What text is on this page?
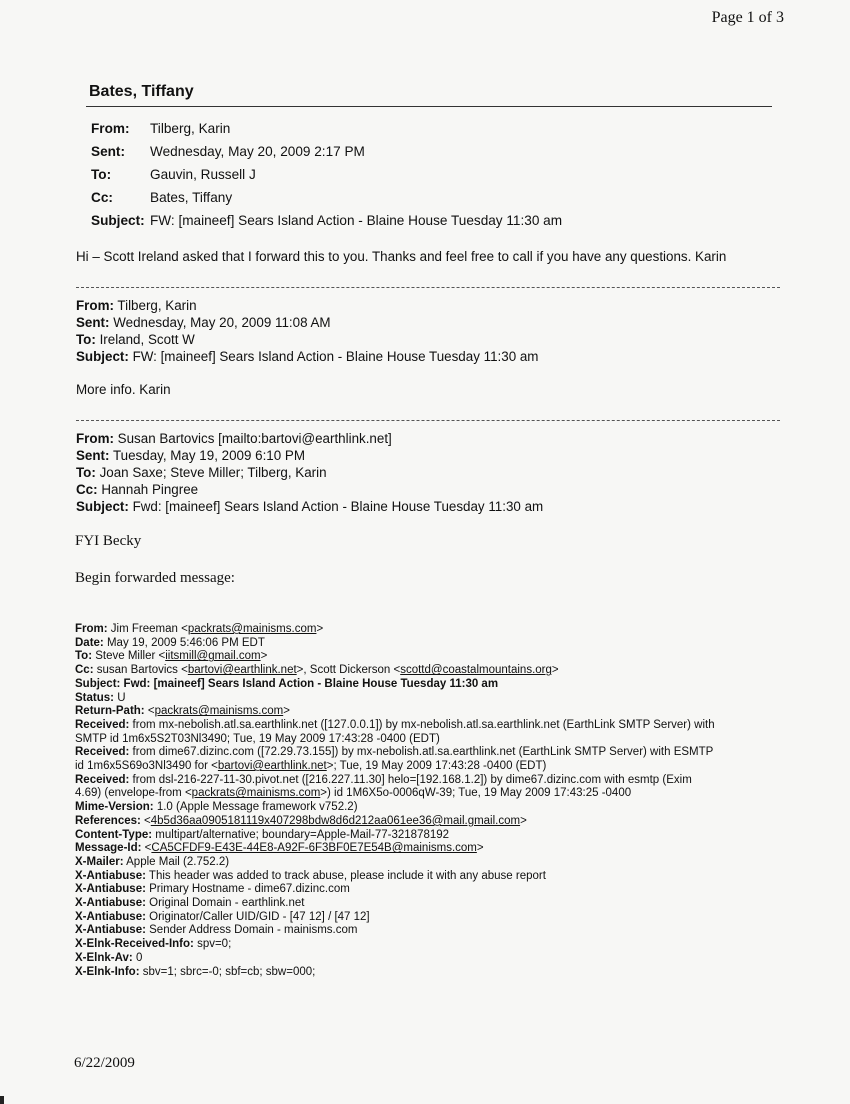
Page 1 of 3
Bates, Tiffany
From:	Tilberg, Karin
Sent:	Wednesday, May 20, 2009 2:17 PM
To:	Gauvin, Russell J
Cc:	Bates, Tiffany
Subject:	FW: [maineef] Sears Island Action - Blaine House Tuesday 11:30 am
Hi – Scott Ireland asked that I forward this to you. Thanks and feel free to call if you have any questions. Karin
From: Tilberg, Karin
Sent: Wednesday, May 20, 2009 11:08 AM
To: Ireland, Scott W
Subject: FW: [maineef] Sears Island Action - Blaine House Tuesday 11:30 am
More info. Karin
From: Susan Bartovics [mailto:bartovi@earthlink.net]
Sent: Tuesday, May 19, 2009 6:10 PM
To: Joan Saxe; Steve Miller; Tilberg, Karin
Cc: Hannah Pingree
Subject: Fwd: [maineef] Sears Island Action - Blaine House Tuesday 11:30 am
FYI Becky
Begin forwarded message:
From: Jim Freeman <packrats@mainisms.com>
Date: May 19, 2009 5:46:06 PM EDT
To: Steve Miller <iitsmill@gmail.com>
Cc: susan Bartovics <bartovi@earthlink.net>, Scott Dickerson <scottd@coastalmountains.org>
Subject: Fwd: [maineef] Sears Island Action - Blaine House Tuesday 11:30 am
Status: U
Return-Path: <packrats@mainisms.com>
Received: from mx-nebolish.atl.sa.earthlink.net ([127.0.0.1]) by mx-nebolish.atl.sa.earthlink.net (EarthLink SMTP Server) with
SMTP id 1m6x5S2T03Nl3490; Tue, 19 May 2009 17:43:28 -0400 (EDT)
Received: from dime67.dizinc.com ([72.29.73.155]) by mx-nebolish.atl.sa.earthlink.net (EarthLink SMTP Server) with ESMTP
id 1m6x5S69o3Nl3490 for <bartovi@earthlink.net>; Tue, 19 May 2009 17:43:28 -0400 (EDT)
Received: from dsl-216-227-11-30.pivot.net ([216.227.11.30] helo=[192.168.1.2]) by dime67.dizinc.com with esmtp (Exim
4.69) (envelope-from <packrats@mainisms.com>) id 1M6X5o-0006qW-39; Tue, 19 May 2009 17:43:25 -0400
Mime-Version: 1.0 (Apple Message framework v752.2)
References: <4b5d36aa0905181119x407298bdw8d6d212aa061ee36@mail.gmail.com>
Content-Type: multipart/alternative; boundary=Apple-Mail-77-321878192
Message-Id: <CA5CFDF9-E43E-44E8-A92F-6F3BF0E7E54B@mainisms.com>
X-Mailer: Apple Mail (2.752.2)
X-Antiabuse: This header was added to track abuse, please include it with any abuse report
X-Antiabuse: Primary Hostname - dime67.dizinc.com
X-Antiabuse: Original Domain - earthlink.net
X-Antiabuse: Originator/Caller UID/GID - [47 12] / [47 12]
X-Antiabuse: Sender Address Domain - mainisms.com
X-Elnk-Received-Info: spv=0;
X-Elnk-Av: 0
X-Elnk-Info: sbv=1; sbrc=-0; sbf=cb; sbw=000;
6/22/2009
